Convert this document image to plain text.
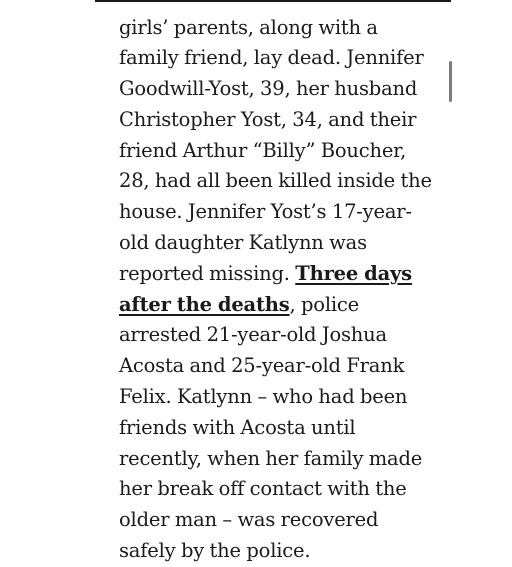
girls’ parents, along with a family friend, lay dead. Jennifer Goodwill-Yost, 39, her husband Christopher Yost, 34, and their friend Arthur “Billy” Boucher, 28, had all been killed inside the house. Jennifer Yost’s 17-year-old daughter Katlynn was reported missing. Three days after the deaths, police arrested 21-year-old Joshua Acosta and 25-year-old Frank Felix. Katlynn – who had been friends with Acosta until recently, when her family made her break off contact with the older man – was recovered safely by the police.
